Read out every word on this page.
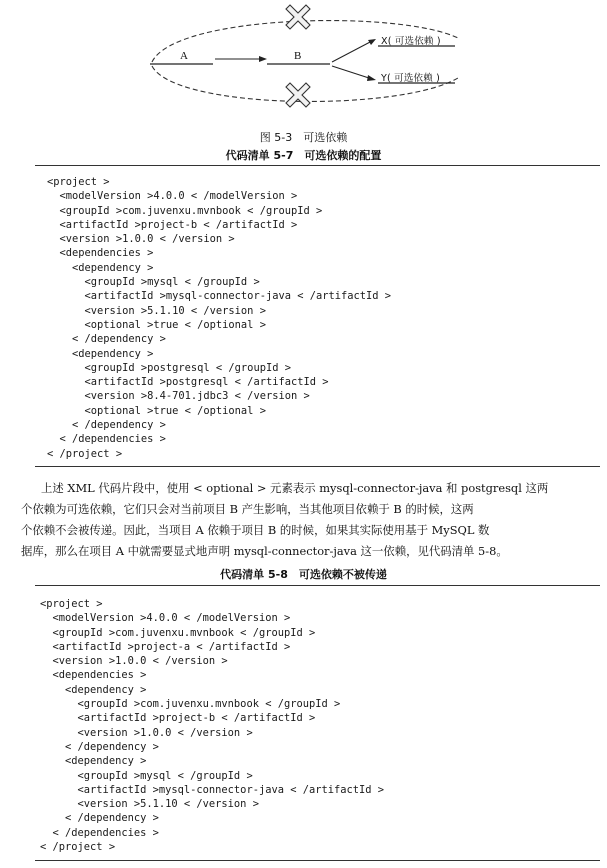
A	B
X( 可选依赖 )
Y( 可选依赖 )
图 5-3　可选依赖
代码清单 5-7　可选依赖的配置
<project >
<modelVersion >4.0.0 < /modelVersion >
<groupId >com.juvenxu.mvnbook < /groupId >
<artifactId >project-b < /artifactId >
<version >1.0.0 < /version >
<dependencies >
<dependency >
<groupId >mysql < /groupId >
<artifactId >mysql-connector-java < /artifactId >
<version >5.1.10 < /version >
<optional >true < /optional >
< /dependency >
<dependency >
<groupId >postgresql < /groupId >
<artifactId >postgresql < /artifactId >
<version >8.4-701.jdbc3 < /version >
<optional >true < /optional >
< /dependency >
< /dependencies >
< /project >
上述 XML 代码片段中，使用 < optional > 元素表示 mysql-connector-java 和 postgresql 这两
个依赖为可选依赖，它们只会对当前项目 B 产生影响，当其他项目依赖于 B 的时候，这两
个依赖不会被传递。因此，当项目 A 依赖于项目 B 的时候，如果其实际使用基于 MySQL 数
据库，那么在项目 A 中就需要显式地声明 mysql-connector-java 这一依赖，见代码清单 5-8。
代码清单 5-8　可选依赖不被传递
<project >
<modelVersion >4.0.0 < /modelVersion >
<groupId >com.juvenxu.mvnbook < /groupId >
<artifactId >project-a < /artifactId >
<version >1.0.0 < /version >
<dependencies >
<dependency >
<groupId >com.juvenxu.mvnbook < /groupId >
<artifactId >project-b < /artifactId >
<version >1.0.0 < /version >
< /dependency >
<dependency >
<groupId >mysql < /groupId >
<artifactId >mysql-connector-java < /artifactId >
<version >5.1.10 < /version >
< /dependency >
< /dependencies >
< /project >
